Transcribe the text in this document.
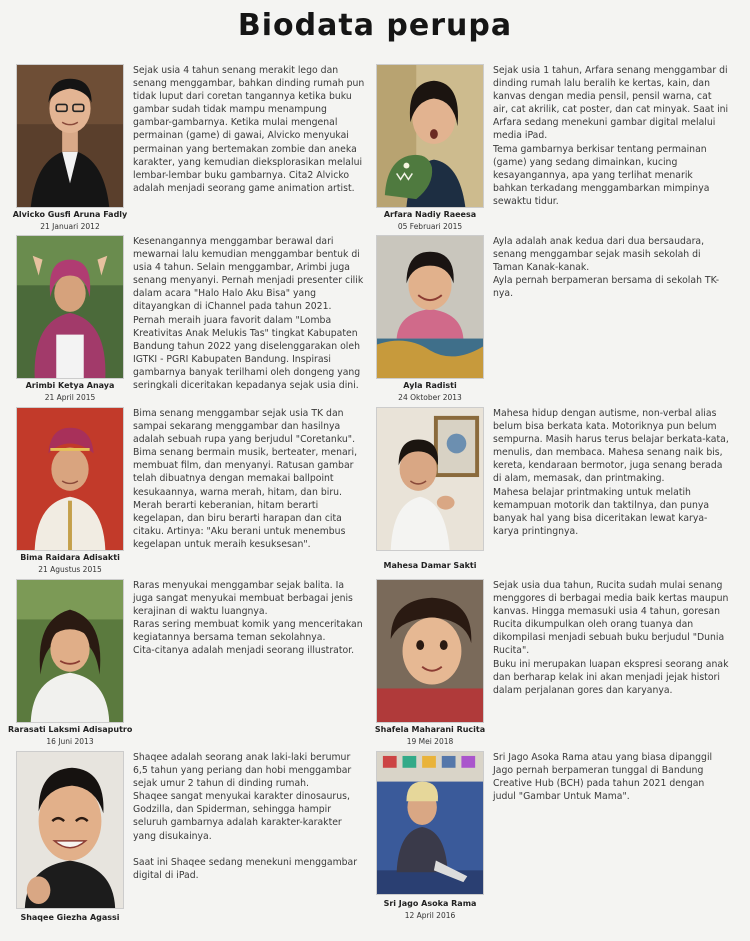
Biodata perupa
Alvicko Gusfi Aruna Fadly
21 Januari 2012

Sejak usia 4 tahun senang merakit lego dan senang menggambar, bahkan dinding rumah pun tidak luput dari coretan tangannya ketika buku gambar sudah tidak mampu menampung gambar-gambarnya. Ketika mulai mengenal permainan (game) di gawai, Alvicko menyukai permainan yang bertemakan zombie dan aneka karakter, yang kemudian dieksplorasikan melalui lembar-lembar buku gambarnya. Cita2 Alvicko adalah menjadi seorang game animation artist.

Arfara Nadiy Raeesa
05 Februari 2015

Sejak usia 1 tahun, Arfara senang menggambar di dinding rumah lalu beralih ke kertas, kain, dan kanvas dengan media pensil, pensil warna, cat air, cat akrilik, cat poster, dan cat minyak. Saat ini Arfara sedang menekuni gambar digital melalui media iPad.

Tema gambarnya berkisar tentang permainan (game) yang sedang dimainkan, kucing kesayangannya, apa yang terlihat menarik bahkan terkadang menggambarkan mimpinya sewaktu tidur.

Arimbi Ketya Anaya
21 April 2015

Kesenangannya menggambar berawal dari mewarnai lalu kemudian menggambar bentuk di usia 4 tahun. Selain menggambar, Arimbi juga senang menyanyi. Pernah menjadi presenter cilik dalam acara "Halo Halo Aku Bisa" yang ditayangkan di iChannel pada tahun 2021. Pernah meraih juara favorit dalam "Lomba Kreativitas Anak Melukis Tas" tingkat Kabupaten Bandung tahun 2022 yang diselenggarakan oleh IGTKI - PGRI Kabupaten Bandung. Inspirasi gambarnya banyak terilhami oleh dongeng yang seringkali diceritakan kepadanya sejak usia dini.	Ayla Radisti
24 Oktober 2013

Ayla adalah anak kedua dari dua bersaudara, senang menggambar sejak masih sekolah di Taman Kanak-kanak.

Ayla pernah berpameran bersama di sekolah TK-nya.

Bima Raidara Adisakti
21 Agustus 2015

Bima senang menggambar sejak usia TK dan sampai sekarang menggambar dan hasilnya adalah sebuah rupa yang berjudul "Coretanku".

Bima senang bermain musik, berteater, menari, membuat film, dan menyanyi. Ratusan gambar telah dibuatnya dengan memakai ballpoint kesukaannya, warna merah, hitam, dan biru. Merah berarti keberanian, hitam berarti kegelapan, dan biru berarti harapan dan cita citaku. Artinya: "Aku berani untuk menembus kegelapan untuk meraih kesuksesan".

Mahesa Damar Sakti

Mahesa hidup dengan autisme, non-verbal alias belum bisa berkata kata. Motoriknya pun belum sempurna. Masih harus terus belajar berkata-kata, menulis, dan membaca. Mahesa senang naik bis, kereta, kendaraan bermotor, juga senang berada di alam, memasak, dan printmaking.

Mahesa belajar printmaking untuk melatih kemampuan motorik dan taktilnya, dan punya banyak hal yang bisa diceritakan lewat karya-karya printingnya.

Rarasati Laksmi Adisaputro
16 Juni 2013

Raras menyukai menggambar sejak balita. Ia juga sangat menyukai membuat berbagai jenis kerajinan di waktu luangnya.

Raras sering membuat komik yang menceritakan kegiatannya bersama teman sekolahnya.

Cita-citanya adalah menjadi seorang illustrator.

Shafela Maharani Rucita
19 Mei 2018

Sejak usia dua tahun, Rucita sudah mulai senang menggores di berbagai media baik kertas maupun kanvas. Hingga memasuki usia 4 tahun, goresan Rucita dikumpulkan oleh orang tuanya dan dikompilasi menjadi sebuah buku berjudul "Dunia Rucita".

Buku ini merupakan luapan ekspresi seorang anak dan berharap kelak ini akan menjadi jejak histori dalam perjalanan gores dan karyanya.

Shaqee Giezha Agassi

Shaqee adalah seorang anak laki-laki berumur 6,5 tahun yang periang dan hobi menggambar sejak umur 2 tahun di dinding rumah.

Shaqee sangat menyukai karakter dinosaurus, Godzilla, dan Spiderman, sehingga hampir seluruh gambarnya adalah karakter-karakter yang disukainya.

Saat ini Shaqee sedang menekuni menggambar digital di iPad.

Sri Jago Asoka Rama
12 April 2016

Sri Jago Asoka Rama atau yang biasa dipanggil Jago pernah berpameran tunggal di Bandung Creative Hub (BCH) pada tahun 2021 dengan judul "Gambar Untuk Mama".
